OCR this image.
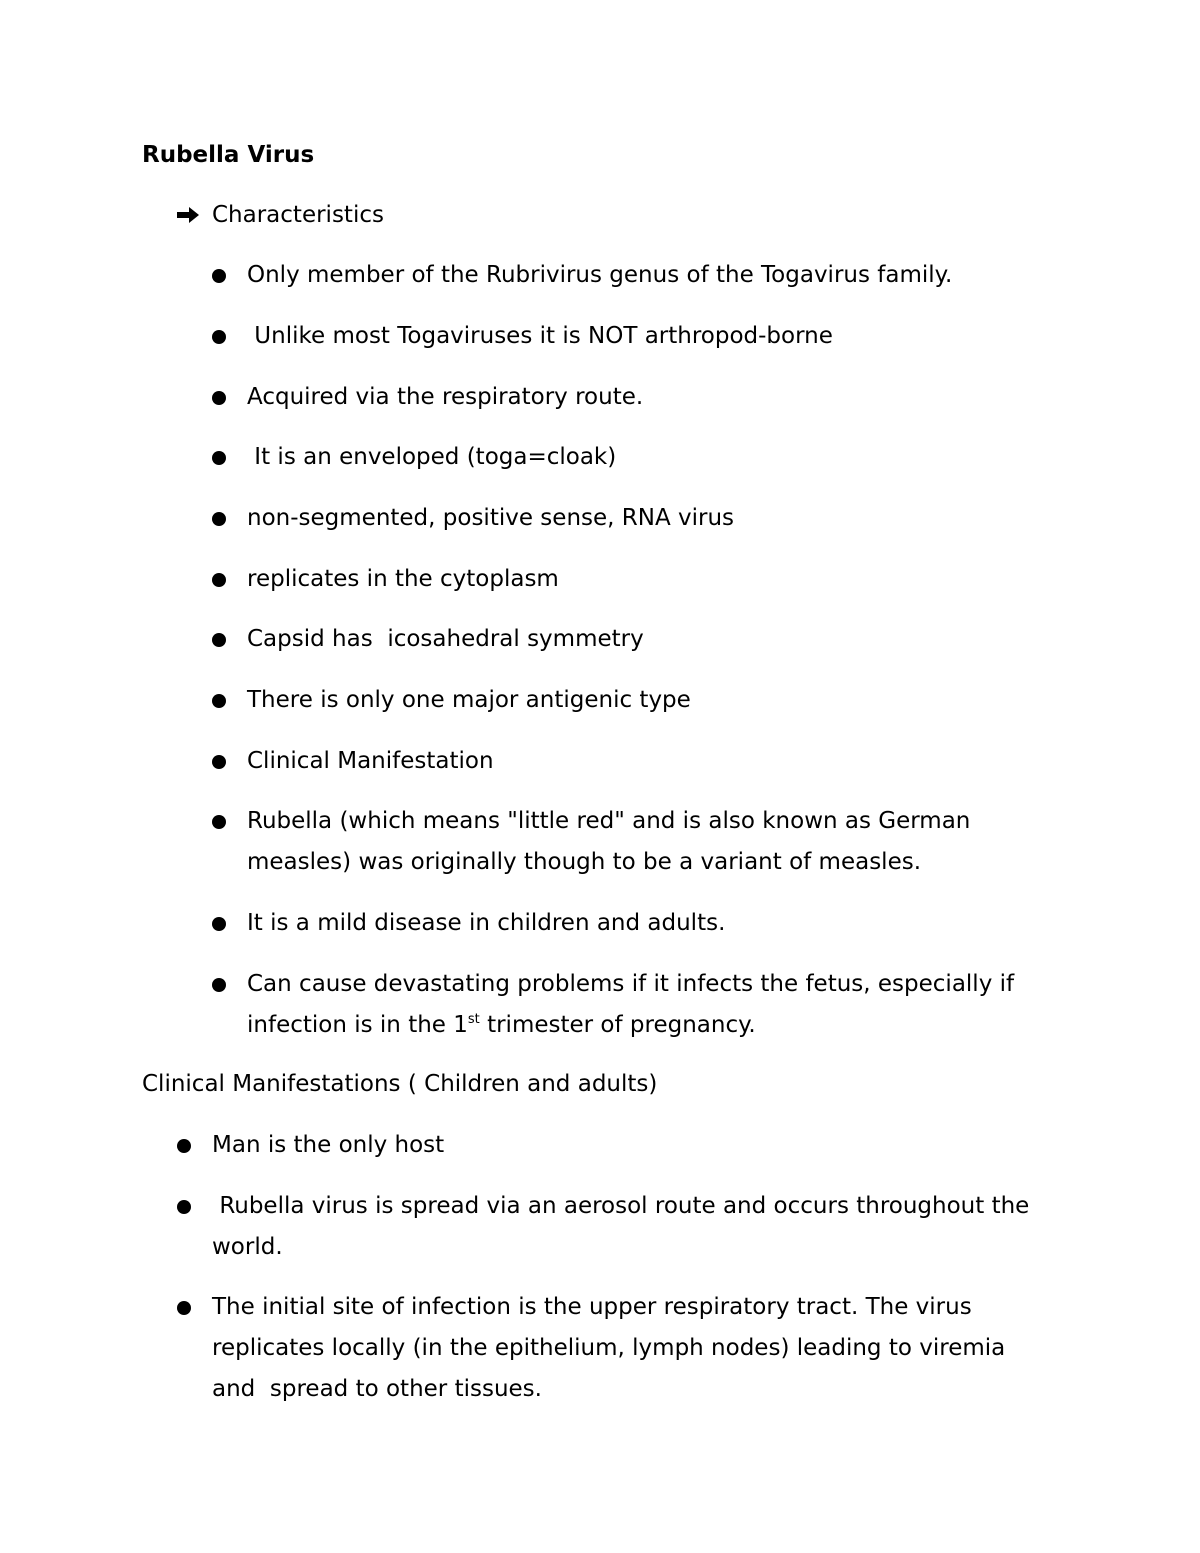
Rubella Virus
Characteristics
Only member of the Rubrivirus genus of the Togavirus family.
Unlike most Togaviruses it is NOT arthropod-borne
Acquired via the respiratory route.
It is an enveloped (toga=cloak)
non-segmented, positive sense, RNA virus
replicates in the cytoplasm
Capsid has  icosahedral symmetry
There is only one major antigenic type
Clinical Manifestation
Rubella (which means "little red" and is also known as German measles) was originally though to be a variant of measles.
It is a mild disease in children and adults.
Can cause devastating problems if it infects the fetus, especially if infection is in the 1st trimester of pregnancy.
Clinical Manifestations ( Children and adults)
Man is the only host
Rubella virus is spread via an aerosol route and occurs throughout the world.
The initial site of infection is the upper respiratory tract. The virus replicates locally (in the epithelium, lymph nodes) leading to viremia and  spread to other tissues.
